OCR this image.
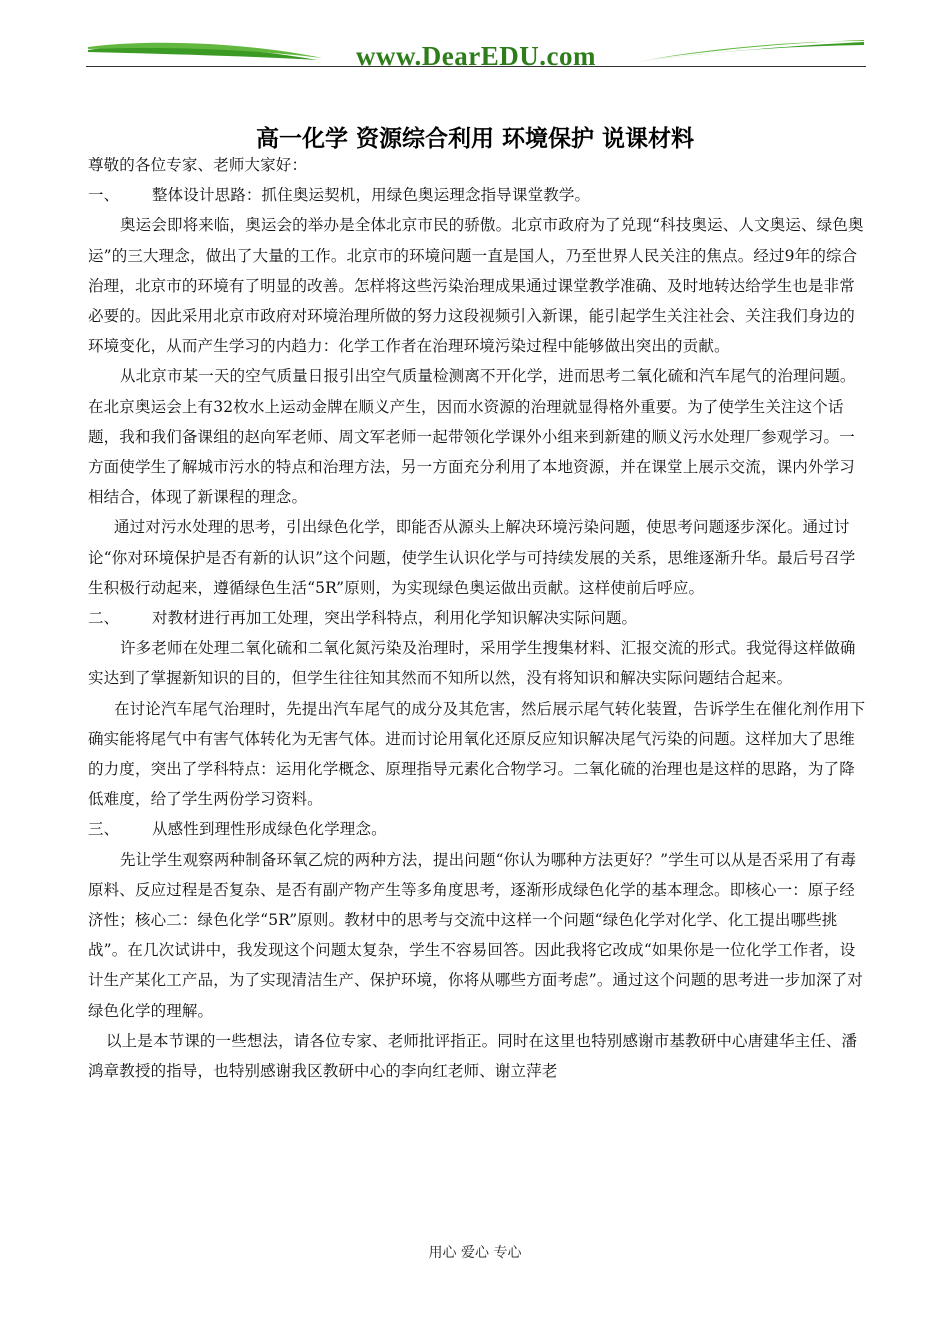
www.DearEDU.com
高一化学 资源综合利用 环境保护 说课材料

尊敬的各位专家、老师大家好：

一、	整体设计思路：抓住奥运契机，用绿色奥运理念指导课堂教学。

奥运会即将来临，奥运会的举办是全体北京市民的骄傲。北京市政府为了兑现“科技奥运、人文奥运、绿色奥运”的三大理念，做出了大量的工作。北京市的环境问题一直是国人，乃至世界人民关注的焦点。经过9年的综合治理，北京市的环境有了明显的改善。怎样将这些污染治理成果通过课堂教学准确、及时地转达给学生也是非常必要的。因此采用北京市政府对环境治理所做的努力这段视频引入新课，能引起学生关注社会、关注我们身边的环境变化，从而产生学习的内趋力：化学工作者在治理环境污染过程中能够做出突出的贡献。

从北京市某一天的空气质量日报引出空气质量检测离不开化学，进而思考二氧化硫和汽车尾气的治理问题。在北京奥运会上有32枚水上运动金牌在顺义产生，因而水资源的治理就显得格外重要。为了使学生关注这个话题，我和我们备课组的赵向军老师、周文军老师一起带领化学课外小组来到新建的顺义污水处理厂参观学习。一方面使学生了解城市污水的特点和治理方法，另一方面充分利用了本地资源，并在课堂上展示交流，课内外学习相结合，体现了新课程的理念。

通过对污水处理的思考，引出绿色化学，即能否从源头上解决环境污染问题，使思考问题逐步深化。通过讨论“你对环境保护是否有新的认识”这个问题，使学生认识化学与可持续发展的关系，思维逐渐升华。最后号召学生积极行动起来，遵循绿色生活“5R”原则，为实现绿色奥运做出贡献。这样使前后呼应。

二、	对教材进行再加工处理，突出学科特点，利用化学知识解决实际问题。

许多老师在处理二氧化硫和二氧化氮污染及治理时，采用学生搜集材料、汇报交流的形式。我觉得这样做确实达到了掌握新知识的目的，但学生往往知其然而不知所以然，没有将知识和解决实际问题结合起来。

在讨论汽车尾气治理时，先提出汽车尾气的成分及其危害，然后展示尾气转化装置，告诉学生在催化剂作用下确实能将尾气中有害气体转化为无害气体。进而讨论用氧化还原反应知识解决尾气污染的问题。这样加大了思维的力度，突出了学科特点：运用化学概念、原理指导元素化合物学习。二氧化硫的治理也是这样的思路，为了降低难度，给了学生两份学习资料。

三、	从感性到理性形成绿色化学理念。

先让学生观察两种制备环氧乙烷的两种方法，提出问题“你认为哪种方法更好？”学生可以从是否采用了有毒原料、反应过程是否复杂、是否有副产物产生等多角度思考，逐渐形成绿色化学的基本理念。即核心一：原子经济性；核心二：绿色化学“5R”原则。教材中的思考与交流中这样一个问题“绿色化学对化学、化工提出哪些挑战”。在几次试讲中，我发现这个问题太复杂，学生不容易回答。因此我将它改成“如果你是一位化学工作者，设计生产某化工产品，为了实现清洁生产、保护环境，你将从哪些方面考虑”。通过这个问题的思考进一步加深了对绿色化学的理解。

以上是本节课的一些想法，请各位专家、老师批评指正。同时在这里也特别感谢市基教研中心唐建华主任、潘鸿章教授的指导，也特别感谢我区教研中心的李向红老师、谢立萍老

用心 爱心 专心
